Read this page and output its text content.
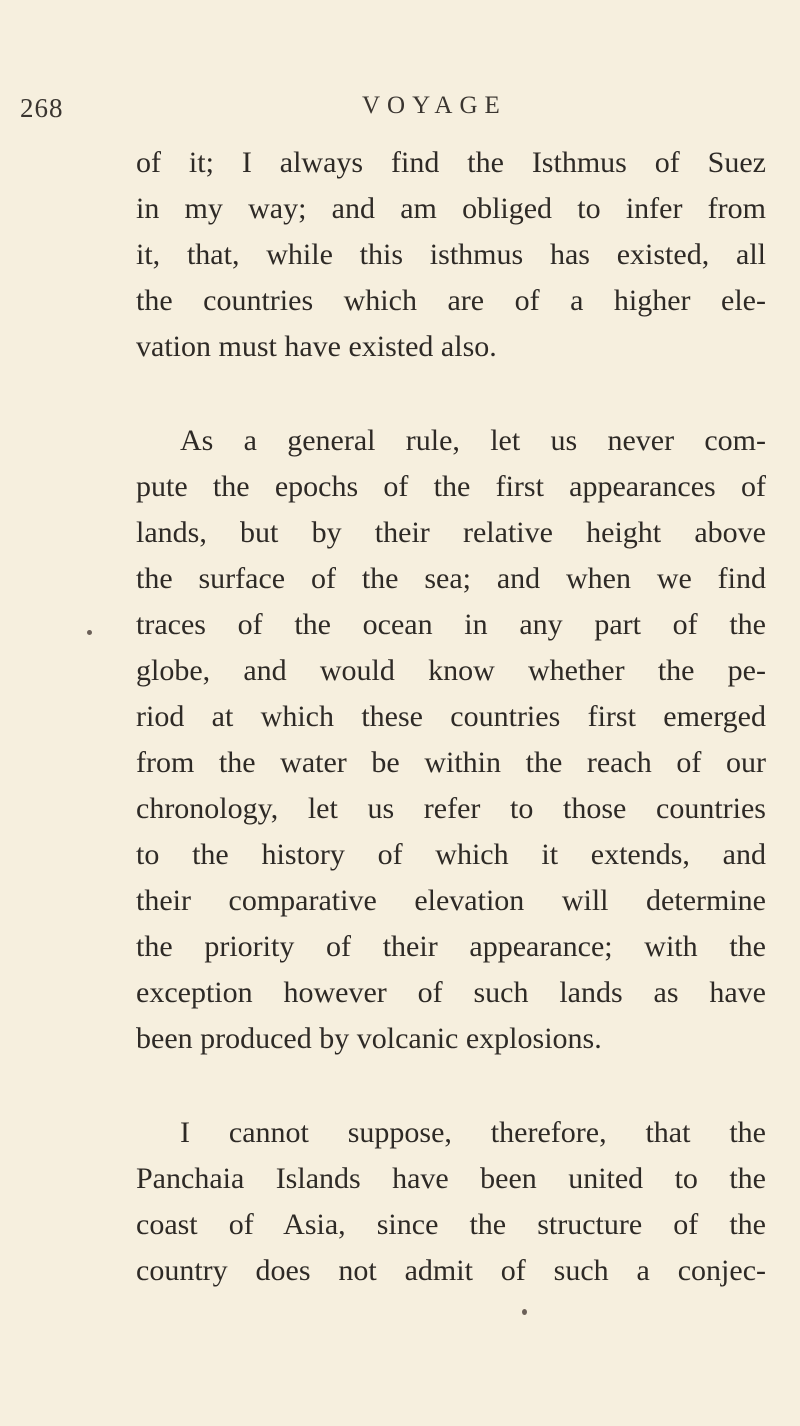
268	VOYAGE
of it; I always find the Isthmus of Suez
in my way; and am obliged to infer from
it, that, while this isthmus has existed, all
the countries which are of a higher ele-
vation must have existed also.
As a general rule, let us never com-
pute the epochs of the first appearances of
lands, but by their relative height above
the surface of the sea; and when we find
traces of the ocean in any part of the
globe, and would know whether the pe-
riod at which these countries first emerged
from the water be within the reach of our
chronology, let us refer to those countries
to the history of which it extends, and
their comparative elevation will determine
the priority of their appearance; with the
exception however of such lands as have
been produced by volcanic explosions.
I cannot suppose, therefore, that the
Panchaia Islands have been united to the
coast of Asia, since the structure of the
country does not admit of such a conjec-
